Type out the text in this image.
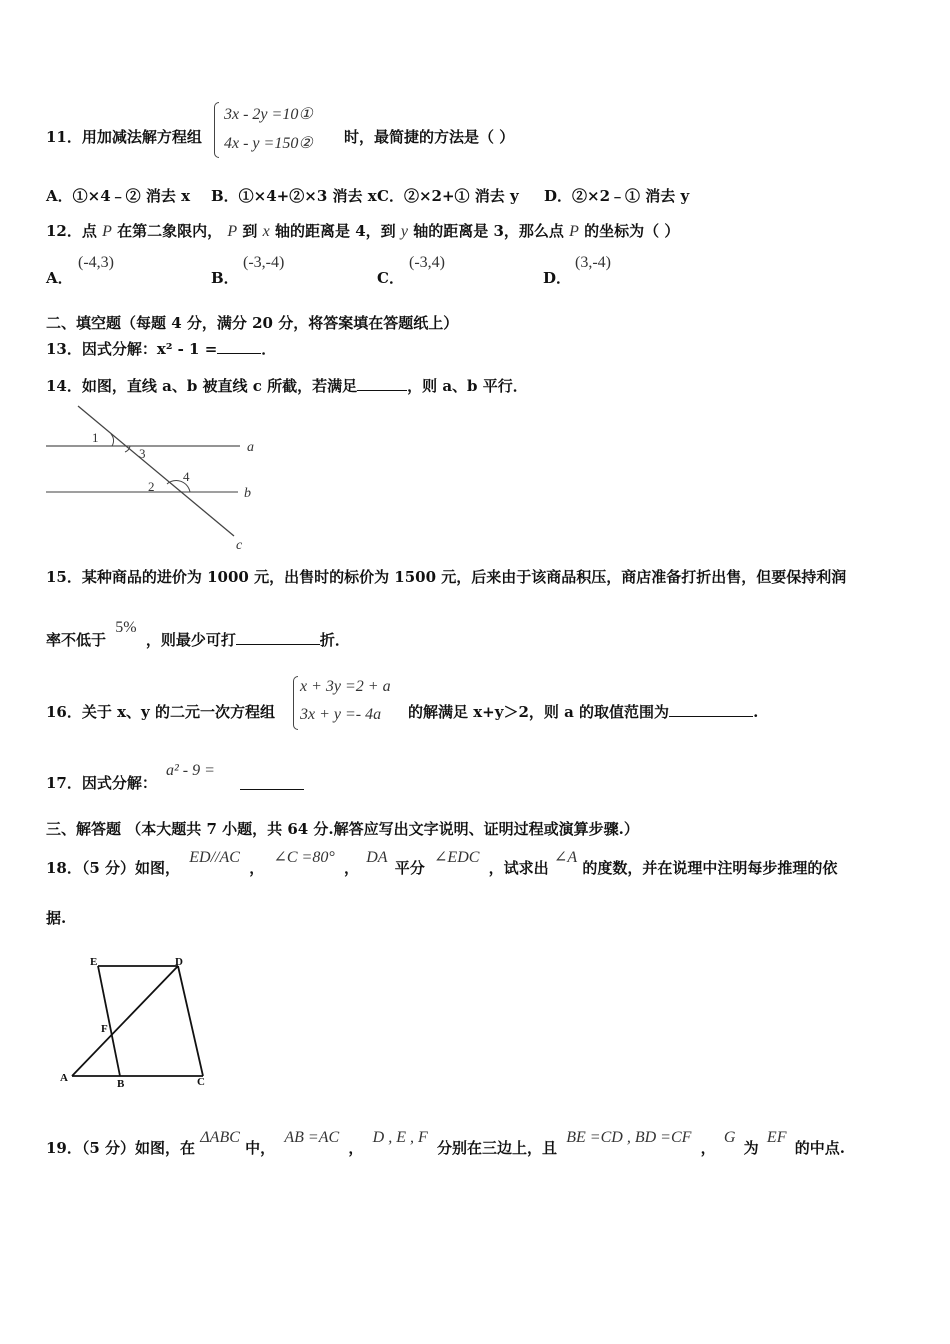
11．用加减法解方程组
3x - 2y =10①
4x - y =150② 时，最简捷的方法是（ ）
A．①×4﹣② 消去 x B．①×4+②×3 消去 x C．②×2+① 消去 y D．②×2﹣① 消去 y
12．点 P 在第二象限内， P 到 x 轴的距离是 4，到 y 轴的距离是 3，那么点 P 的坐标为（ ）
A．
(-4,3)
B．
(-3,-4)
C．
(-3,4)
D．
(3,-4)
二、填空题（每题 4 分，满分 20 分，将答案填在答题纸上）
13．因式分解：x² - 1 =	．
14．如图，直线 a、b 被直线 c 所截，若满足	，则 a、b 平行．
1
3	a
2
4
b
c
15．某种商品的进价为 1000 元，出售时的标价为 1500 元，后来由于该商品积压，商店准备打折出售，但要保持利润
率不低于 5% ，则最少可打	折．
16．关于 x、y 的二元一次方程组
x + 3y =2 + a
3x + y =- 4a 的解满足 x+y＞2，则 a 的取值范围为	.
17．因式分解：
a² - 9 =
三、解答题 （本大题共 7 小题，共 64 分.解答应写出文字说明、证明过程或演算步骤.）
18．（5 分）如图， ED//AC ， ∠C =80° ， DA 平分 ∠EDC ，试求出 ∠A 的度数，并在说理中注明每步推理的依
据.
E	D
F
A	B	C
19．（5 分）如图，在 ΔABC 中， AB =AC ， D , E , F 分别在三边上，且 BE =CD , BD =CF ， G 为 EF 的中点.
